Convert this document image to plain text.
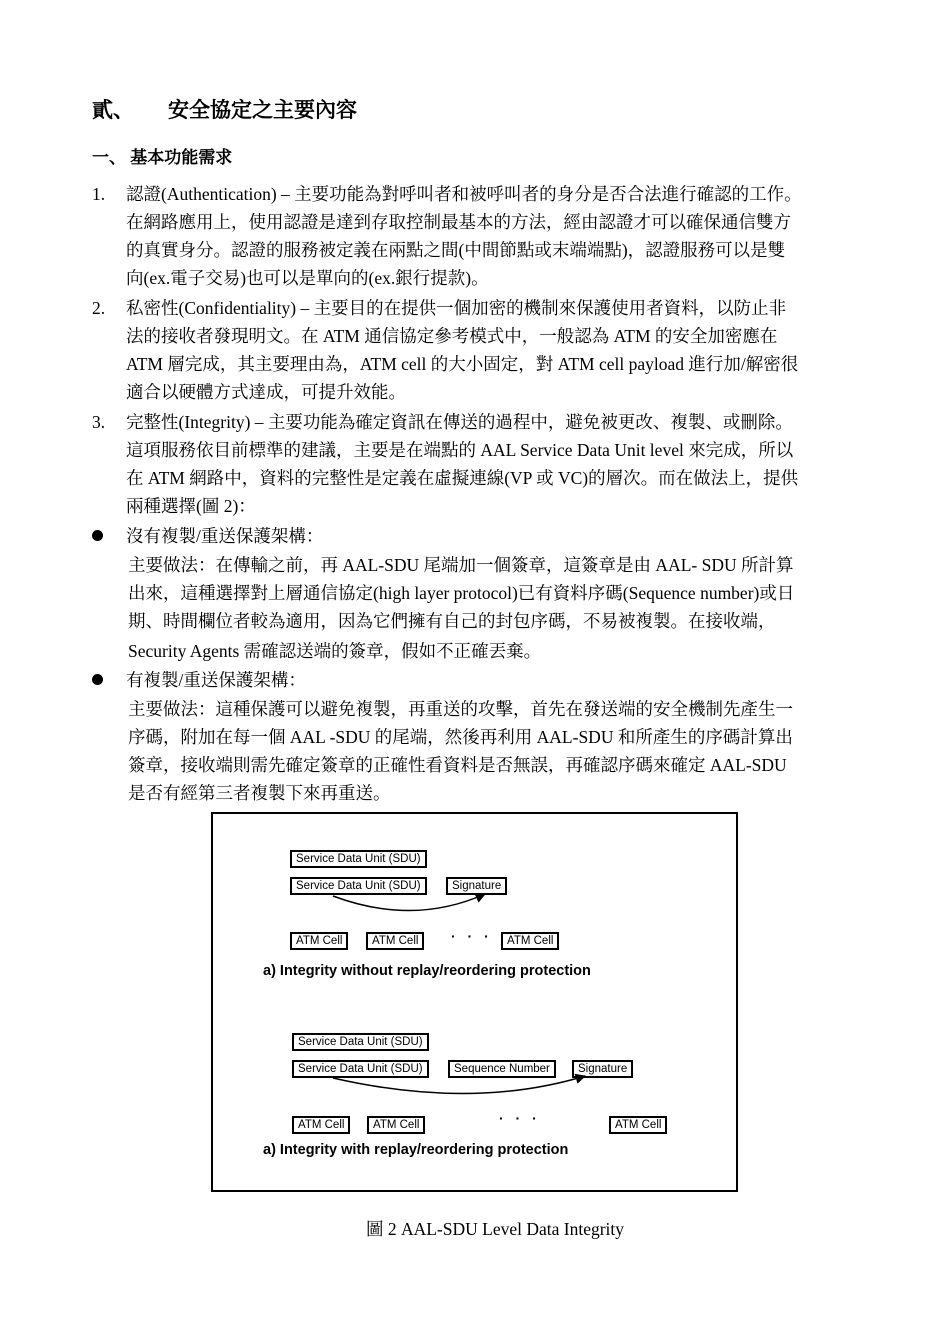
貳、 安全協定之主要內容
一、 基本功能需求
1. 認證(Authentication) – 主要功能為對呼叫者和被呼叫者的身分是否合法進行確認的工作。
在網路應用上，使用認證是達到存取控制最基本的方法，經由認證才可以確保通信雙方
的真實身分。認證的服務被定義在兩點之間(中間節點或末端端點)，認證服務可以是雙
向(ex.電子交易)也可以是單向的(ex.銀行提款)。
2. 私密性(Confidentiality) – 主要目的在提供一個加密的機制來保護使用者資料，以防止非
法的接收者發現明文。在 ATM 通信協定參考模式中，一般認為 ATM 的安全加密應在
ATM 層完成，其主要理由為，ATM cell 的大小固定，對 ATM cell payload 進行加/解密很
適合以硬體方式達成，可提升效能。
3. 完整性(Integrity) – 主要功能為確定資訊在傳送的過程中，避免被更改、複製、或刪除。
這項服務依目前標準的建議，主要是在端點的 AAL Service Data Unit level 來完成，所以
在 ATM 網路中，資料的完整性是定義在虛擬連線(VP 或 VC)的層次。而在做法上，提供
兩種選擇(圖 2)：
沒有複製/重送保護架構：
主要做法：在傳輸之前，再 AAL-SDU 尾端加一個簽章，這簽章是由 AAL- SDU 所計算
出來，這種選擇對上層通信協定(high layer protocol)已有資料序碼(Sequence number)或日
期、時間欄位者較為適用，因為它們擁有自己的封包序碼，不易被複製。在接收端，
Security Agents 需確認送端的簽章，假如不正確丟棄。
有複製/重送保護架構：
主要做法：這種保護可以避免複製，再重送的攻擊，首先在發送端的安全機制先產生一
序碼，附加在每一個 AAL -SDU 的尾端，然後再利用 AAL-SDU 和所產生的序碼計算出
簽章，接收端則需先確定簽章的正確性看資料是否無誤，再確認序碼來確定 AAL-SDU
是否有經第三者複製下來再重送。
Service Data Unit (SDU)
Service Data Unit (SDU)	Signature
ATM Cell	ATM Cell	· · ·	ATM Cell
a) Integrity without replay/reordering protection
Service Data Unit (SDU)
Service Data Unit (SDU)	Sequence Number	Signature
ATM Cell	ATM Cell	· · ·	ATM Cell
a) Integrity with replay/reordering protection
圖 2 AAL-SDU Level Data Integrity
